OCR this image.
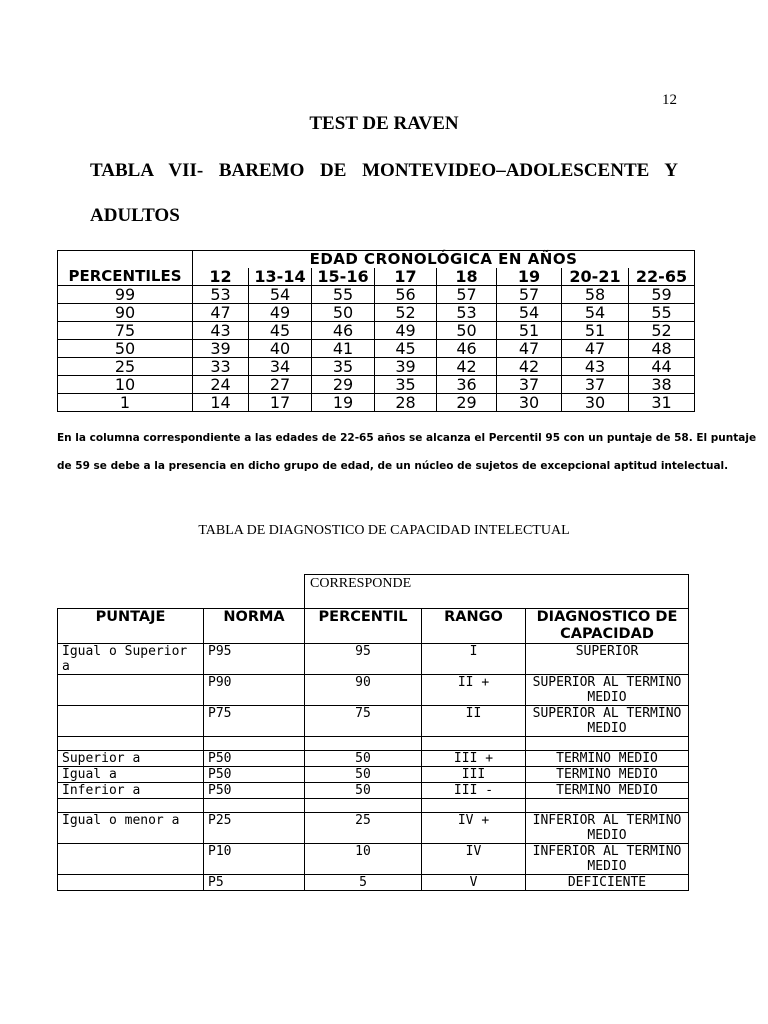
12
TEST DE RAVEN
TABLA VII- BAREMO DE MONTEVIDEO–ADOLESCENTE Y
ADULTOS
PERCENTILES	EDAD CRONOLÓGICA EN AÑOS							
	12	13-14	15-16	17	18	19	20-21	22-65
99	53	54	55	56	57	57	58	59
90	47	49	50	52	53	54	54	55
75	43	45	46	49	50	51	51	52
50	39	40	41	45	46	47	47	48
25	33	34	35	39	42	42	43	44
10	24	27	29	35	36	37	37	38
1	14	17	19	28	29	30	30	31
En la columna correspondiente a las edades de 22-65 años se alcanza el Percentil 95 con un puntaje de 58. El puntaje
de 59 se debe a la presencia en dicho grupo de edad, de un núcleo de sujetos de excepcional aptitud intelectual.
TABLA DE DIAGNOSTICO DE CAPACIDAD INTELECTUAL
CORRESPONDE
PUNTAJE	NORMA	PERCENTIL	RANGO	DIAGNOSTICO DE CAPACIDAD
Igual o Superior a	P95	95	I	SUPERIOR
	P90	90	II +	SUPERIOR AL TERMINO MEDIO
	P75	75	II	SUPERIOR AL TERMINO MEDIO

Superior a	P50	50	III +	TERMINO MEDIO
Igual a	P50	50	III	TERMINO MEDIO
Inferior a	P50	50	III -	TERMINO MEDIO

Igual o menor a	P25	25	IV +	INFERIOR AL TERMINO MEDIO
	P10	10	IV	INFERIOR AL TERMINO MEDIO
	P5	5	V	DEFICIENTE
